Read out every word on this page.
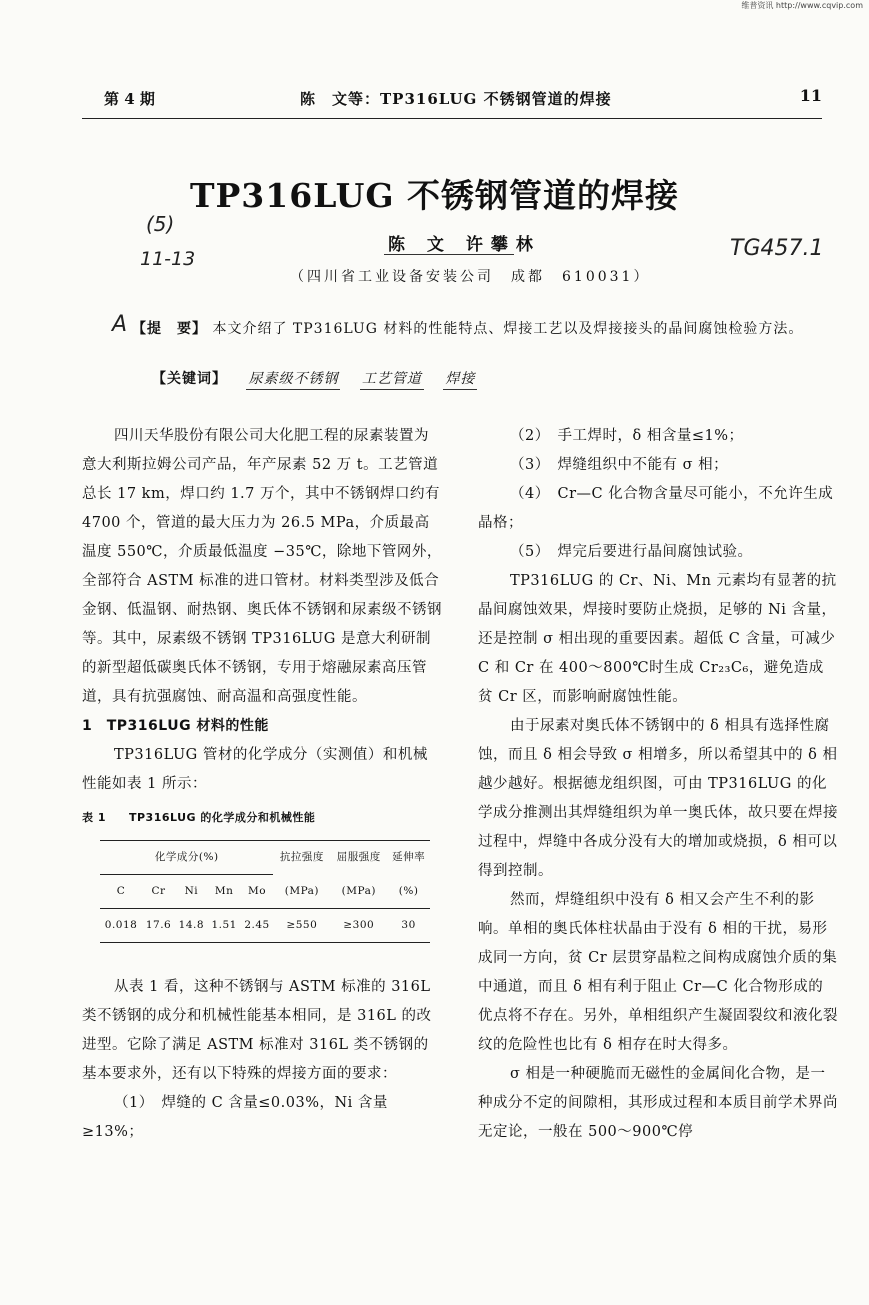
维普资讯 http://www.cqvip.com
第 4 期	陈　文等：TP316LUG 不锈钢管道的焊接	11
TP316LUG 不锈钢管道的焊接
(5)
11-13	TG457.1
陈 文 许攀林
（四川省工业设备安装公司　成都　610031）
A 【提　要】 本文介绍了 TP316LUG 材料的性能特点、焊接工艺以及焊接接头的晶间腐蚀检验方法。
【关键词】 尿素级不锈钢 工艺管道 焊接

四川天华股份有限公司大化肥工程的尿素装置为意大利斯拉姆公司产品，年产尿素 52 万 t。工艺管道总长 17 km，焊口约 1.7 万个，其中不锈钢焊口约有 4700 个，管道的最大压力为 26.5 MPa，介质最高温度 550℃，介质最低温度 −35℃，除地下管网外，全部符合 ASTM 标准的进口管材。材料类型涉及低合金钢、低温钢、耐热钢、奥氏体不锈钢和尿素级不锈钢等。其中，尿素级不锈钢 TP316LUG 是意大利研制的新型超低碳奥氏体不锈钢，专用于熔融尿素高压管道，具有抗强腐蚀、耐高温和高强度性能。

1　TP316LUG 材料的性能

TP316LUG 管材的化学成分（实测值）和机械性能如表 1 所示：

表 1　　TP316LUG 的化学成分和机械性能
化学成分(%)					抗拉强度	屈服强度	延伸率
C	Cr	Ni	Mn	Mo	(MPa)	(MPa)	(%)
0.018	17.6	14.8	1.51	2.45	≥550	≥300	30

从表 1 看，这种不锈钢与 ASTM 标准的 316L 类不锈钢的成分和机械性能基本相同，是 316L 的改进型。它除了满足 ASTM 标准对 316L 类不锈钢的基本要求外，还有以下特殊的焊接方面的要求：

（1）　焊缝的 C 含量≤0.03%，Ni 含量≥13%；

（2）　手工焊时，δ 相含量≤1%；

（3）　焊缝组织中不能有 σ 相；

（4）　Cr—C 化合物含量尽可能小，不允许生成晶格；

（5）　焊完后要进行晶间腐蚀试验。

TP316LUG 的 Cr、Ni、Mn 元素均有显著的抗晶间腐蚀效果，焊接时要防止烧损，足够的 Ni 含量，还是控制 σ 相出现的重要因素。超低 C 含量，可减少 C 和 Cr 在 400～800℃时生成 Cr₂₃C₆，避免造成贫 Cr 区，而影响耐腐蚀性能。

由于尿素对奥氏体不锈钢中的 δ 相具有选择性腐蚀，而且 δ 相会导致 σ 相增多，所以希望其中的 δ 相越少越好。根据德龙组织图，可由 TP316LUG 的化学成分推测出其焊缝组织为单一奥氏体，故只要在焊接过程中，焊缝中各成分没有大的增加或烧损，δ 相可以得到控制。

然而，焊缝组织中没有 δ 相又会产生不利的影响。单相的奥氏体柱状晶由于没有 δ 相的干扰，易形成同一方向，贫 Cr 层贯穿晶粒之间构成腐蚀介质的集中通道，而且 δ 相有利于阻止 Cr—C 化合物形成的优点将不存在。另外，单相组织产生凝固裂纹和液化裂纹的危险性也比有 δ 相存在时大得多。

σ 相是一种硬脆而无磁性的金属间化合物，是一种成分不定的间隙相，其形成过程和本质目前学术界尚无定论，一般在 500～900℃停
